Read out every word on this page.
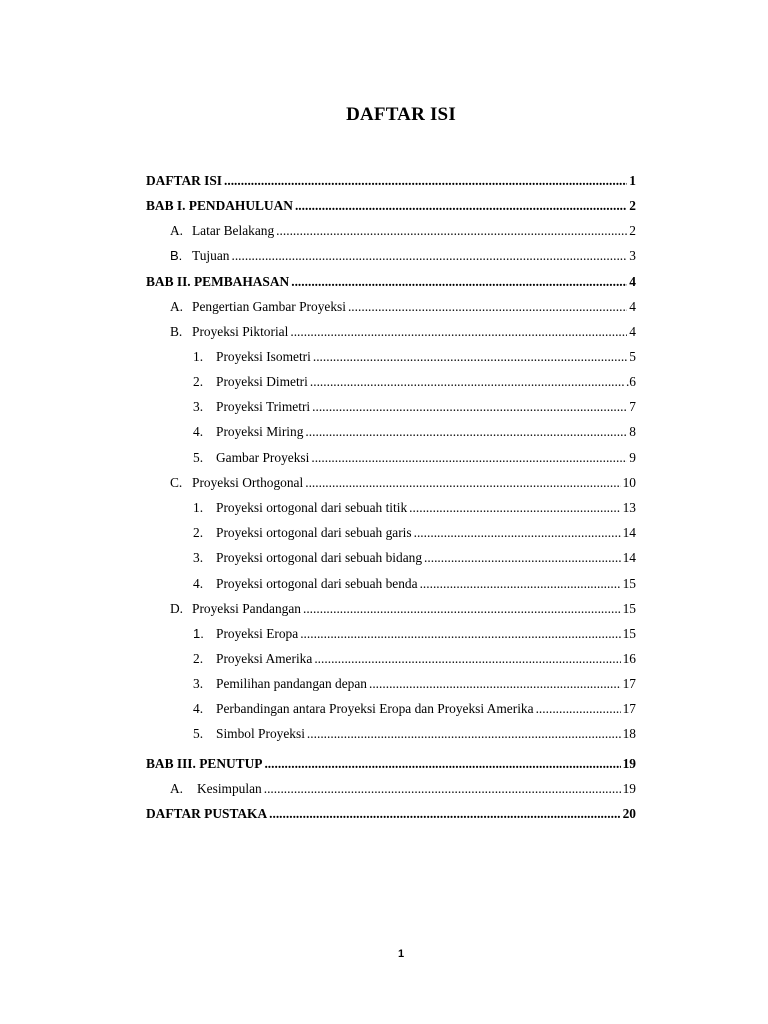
DAFTAR ISI
DAFTAR ISI .....	1
BAB I. PENDAHULUAN .....	2
A. Latar Belakang .....	2
B. Tujuan .....	3
BAB II. PEMBAHASAN .....	4
A. Pengertian Gambar Proyeksi .....	4
B. Proyeksi Piktorial .....	4
1. Proyeksi Isometri .....	5
2. Proyeksi Dimetri .....	.6
3. Proyeksi Trimetri .....	7
4. Proyeksi Miring .....	8
5. Gambar Proyeksi .....	9
C. Proyeksi Orthogonal .....	10
1. Proyeksi ortogonal dari sebuah titik .....	13
2. Proyeksi ortogonal dari sebuah garis .....	14
3. Proyeksi ortogonal dari sebuah bidang .....	14
4. Proyeksi ortogonal dari sebuah benda .....	15
D. Proyeksi Pandangan .....	15
1. Proyeksi Eropa .....	15
2. Proyeksi Amerika .....	16
3. Pemilihan pandangan depan .....	17
4. Perbandingan antara Proyeksi Eropa dan Proyeksi Amerika .....	17
5. Simbol Proyeksi .....	18
BAB III. PENUTUP .....	19
A.	Kesimpulan .....	19
DAFTAR PUSTAKA .....	20
1
